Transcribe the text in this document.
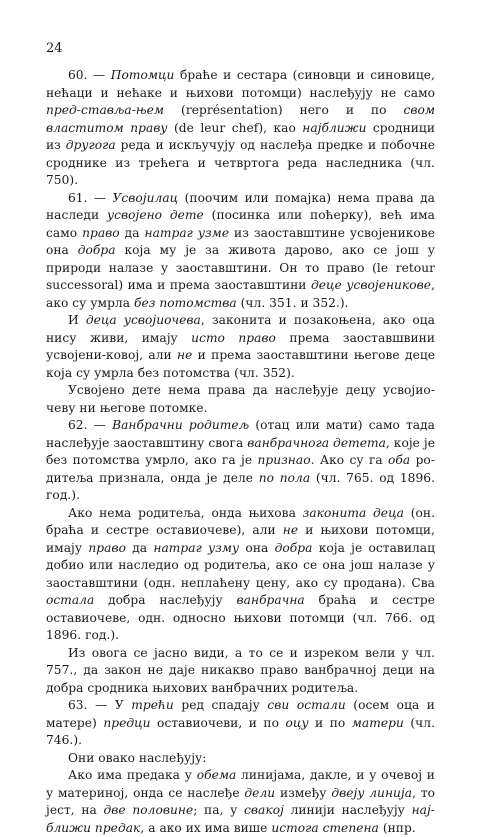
24

60. — Потомци браће и сестара (синовци и синовице, нећаци и нећаке и њихови потомци) наслеђују не само пред-ставља-њем (représentation) него и по свом властитом праву (de leur chef), као најближи сродници из другога реда и искључују од наслеђа предке и побочне сроднике из трећега и четвртога реда наследника (чл. 750).

61. — Усвојилац (поочим или помајка) нема права да наследи усвојено дете (посинка или поћерку), већ има само право да натраг узме из заоставштине усвојеникове она добра која му је за живота дарово, ако се још у природи налазе у заоставштини. Он то право (le retour successoral) има и према заоставштини деце усвојеникове, ако су умрла без потомства (чл. 351. и 352.).

И деца усвојиочева, законита и позакоњена, ако оца нису живи, имају исто право према заоставшвини усвојени-ковој, али не и према заоставштини његове деце која су умрла без потомства (чл. 352).

Усвојено дете нема права да наслеђује децу усвоjио-чеву ни његове потомке.

62. — Ванбрачни родитељ (отац или мати) само тада наслеђује заоставштину свога ванбрачнога детета, које је без потомства умрло, ако га је признао. Ако су га оба ро-дитеља признала, онда је деле по пола (чл. 765. од 1896. год.).

Ако нема родитеља, онда њихова законита деца (он. браћа и сестре оставиочеве), али не и њихови потомци, имају право да натраг узму она добра која је оставилац добио или наследио од родитеља, ако се она још налазе у заоставштини (одн. неплаћену цену, ако су продана). Сва остала добра наслеђују ванбрачна браћа и сестре оставиочеве, одн. односно њихови потомци (чл. 766. од 1896. год.).

Из овога се јасно види, а то се и изреком вели у чл. 757., да закон не даје никакво право ванбрачној деци на добра сродника њихових ванбрачних родитеља.

63. — У трећи ред спадају сви остали (осем оца и матере) предци оставиочеви, и по оцу и по матери (чл. 746.).

Они овако наслеђују:

Ако има предака у обема линијама, дакле, и у очевој и у материној, онда се наслеђе дели између двеју линија, то јест, на две половине; па, у свакој линији наслеђују нај-ближи предак, а ако их има више истога степена (нпр.
